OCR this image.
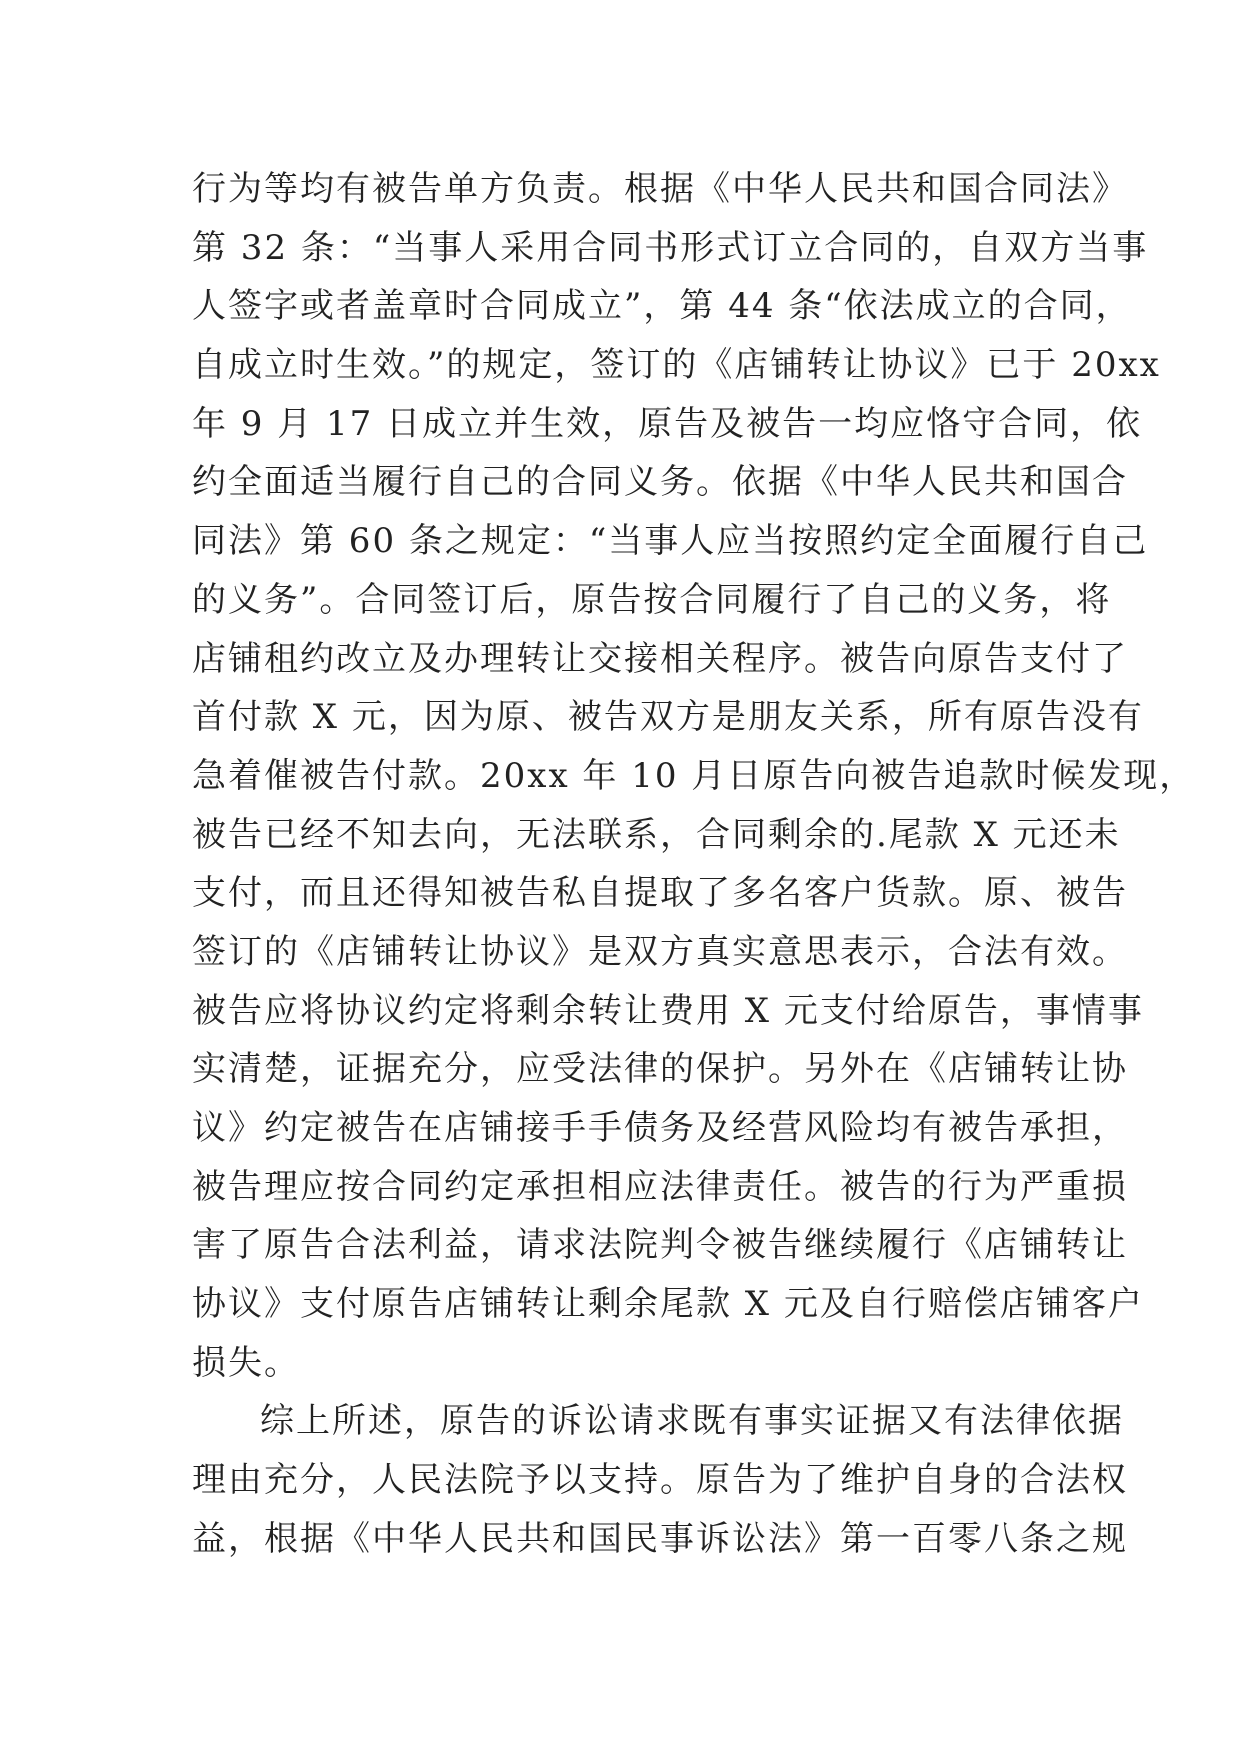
行为等均有被告单方负责。根据《中华人民共和国合同法》
第 32 条：“当事人采用合同书形式订立合同的，自双方当事
人签字或者盖章时合同成立”，第 44 条“依法成立的合同，
自成立时生效。”的规定，签订的《店铺转让协议》已于 20xx
年 9 月 17 日成立并生效，原告及被告一均应恪守合同，依
约全面适当履行自己的合同义务。依据《中华人民共和国合
同法》第 60 条之规定：“当事人应当按照约定全面履行自己
的义务”。合同签订后，原告按合同履行了自己的义务，将
店铺租约改立及办理转让交接相关程序。被告向原告支付了
首付款 X 元，因为原、被告双方是朋友关系，所有原告没有
急着催被告付款。20xx 年 10 月日原告向被告追款时候发现，
被告已经不知去向，无法联系，合同剩余的.尾款 X 元还未
支付，而且还得知被告私自提取了多名客户货款。原、被告
签订的《店铺转让协议》是双方真实意思表示，合法有效。
被告应将协议约定将剩余转让费用 X 元支付给原告，事情事
实清楚，证据充分，应受法律的保护。另外在《店铺转让协
议》约定被告在店铺接手手债务及经营风险均有被告承担，
被告理应按合同约定承担相应法律责任。被告的行为严重损
害了原告合法利益，请求法院判令被告继续履行《店铺转让
协议》支付原告店铺转让剩余尾款 X 元及自行赔偿店铺客户
损失。
综上所述，原告的诉讼请求既有事实证据又有法律依据
理由充分，人民法院予以支持。原告为了维护自身的合法权
益，根据《中华人民共和国民事诉讼法》第一百零八条之规
